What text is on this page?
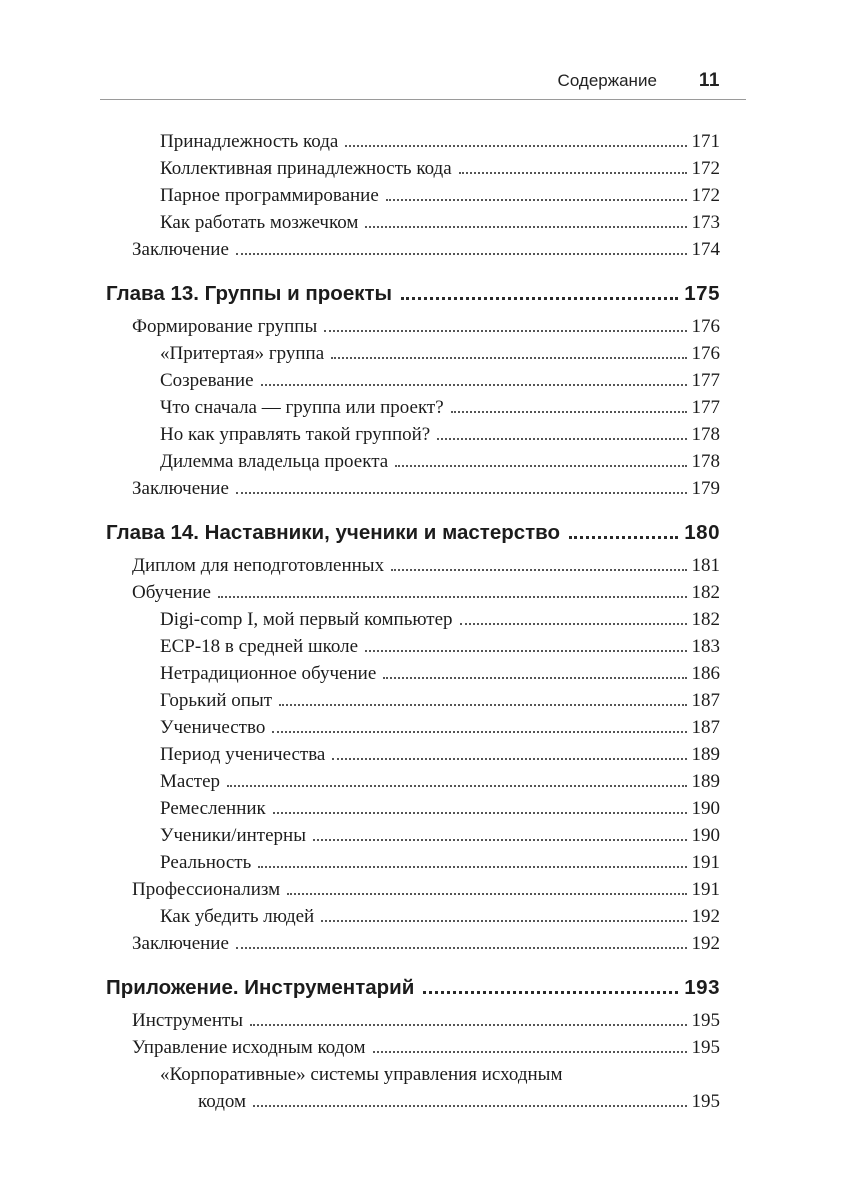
Содержание 11
Принадлежность кода	171
Коллективная принадлежность кода	172
Парное программирование	172
Как работать мозжечком	173
Заключение	174
Глава 13. Группы и проекты	175
Формирование группы	176
«Притертая» группа	176
Созревание	177
Что сначала — группа или проект?	177
Но как управлять такой группой?	178
Дилемма владельца проекта	178
Заключение	179
Глава 14. Наставники, ученики и мастерство	180
Диплом для неподготовленных	181
Обучение	182
Digi-comp I, мой первый компьютер	182
ECP-18 в средней школе	183
Нетрадиционное обучение	186
Горький опыт	187
Ученичество	187
Период ученичества	189
Мастер	189
Ремесленник	190
Ученики/интерны	190
Реальность	191
Профессионализм	191
Как убедить людей	192
Заключение	192
Приложение. Инструментарий	193
Инструменты	195
Управление исходным кодом	195
«Корпоративные» системы управления исходным
кодом	195
